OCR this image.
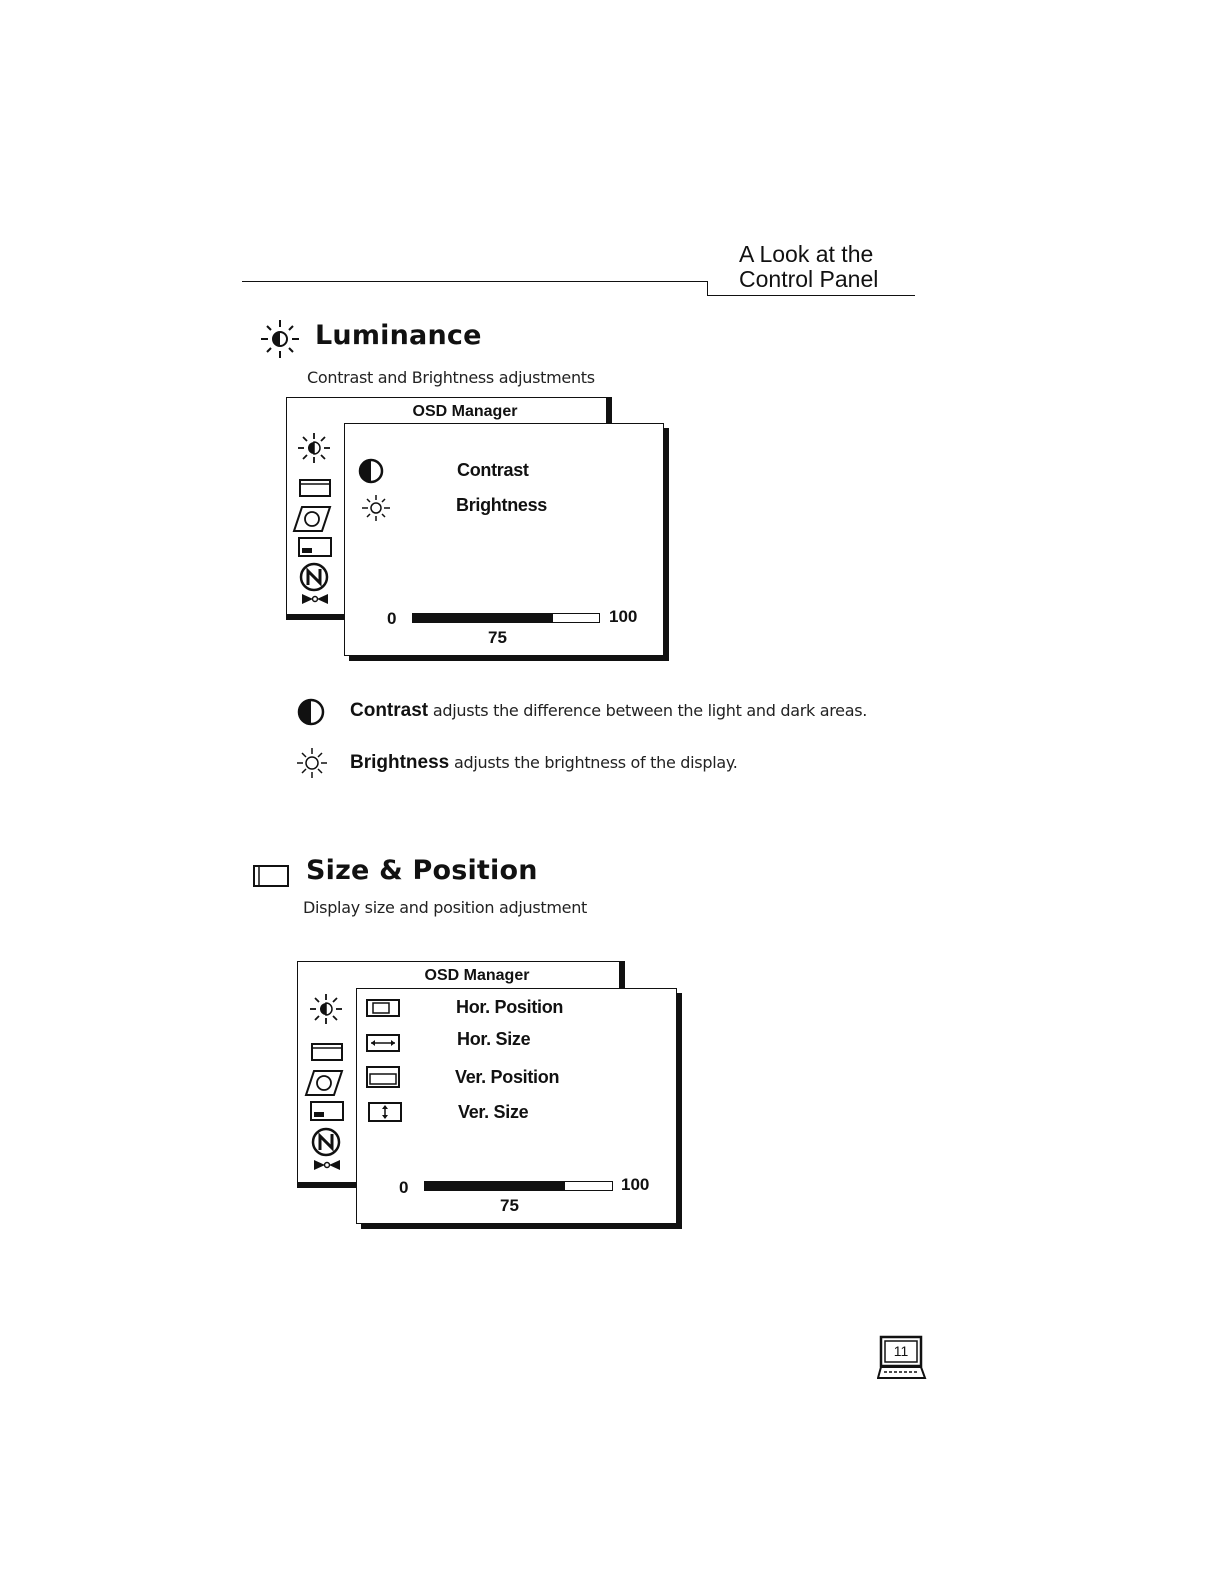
A Look at the
Control Panel
Luminance
Contrast and Brightness adjustments
OSD Manager
Contrast
Brightness
0	100
75
Contrast adjusts the difference between the light and dark areas.
Brightness adjusts the brightness of the display.
Size & Position
Display size and position adjustment
OSD Manager
Hor. Position
Hor. Size
Ver. Position
Ver. Size
0	100
75
11
